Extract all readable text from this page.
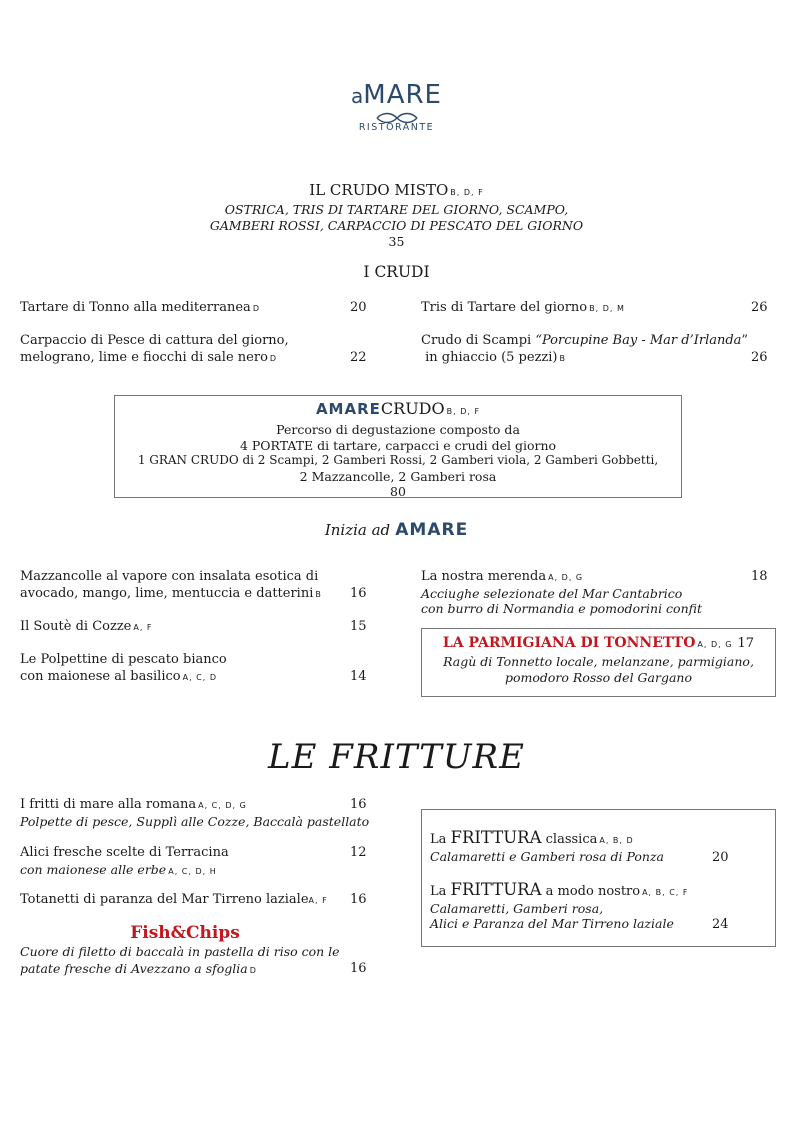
aMARE
RISTORANTE
IL CRUDO MISTO B, D, F
OSTRICA, TRIS DI TARTARE DEL GIORNO, SCAMPO,
GAMBERI ROSSI, CARPACCIO DI PESCATO DEL GIORNO
35
I CRUDI
Tartare di Tonno alla mediterranea D	20
Carpaccio di Pesce di cattura del giorno,
melograno, lime e fiocchi di sale nero D	22
Tris di Tartare del giorno B, D, M	26
Crudo di Scampi “Porcupine Bay - Mar d’Irlanda”
in ghiaccio (5 pezzi) B	26
AMARECRUDO B, D, F
Percorso di degustazione composto da
4 PORTATE di tartare, carpacci e crudi del giorno
1 GRAN CRUDO di 2 Scampi, 2 Gamberi Rossi, 2 Gamberi viola, 2 Gamberi Gobbetti,
2 Mazzancolle, 2 Gamberi rosa
80
Inizia ad AMARE
Mazzancolle al vapore con insalata esotica di
avocado, mango, lime, mentuccia e datterini B	16
Il Soutè di Cozze A, F	15
Le Polpettine di pescato bianco
con maionese al basilico A, C, D	14
La nostra merenda A, D, G	18
Acciughe selezionate del Mar Cantabrico
con burro di Normandia e pomodorini confit
LA PARMIGIANA DI TONNETTO A, D, G 17
Ragù di Tonnetto locale, melanzane, parmigiano,
pomodoro Rosso del Gargano
LE FRITTURE
I fritti di mare alla romana A, C, D, G	16
Polpette di pesce, Supplì alle Cozze, Baccalà pastellato
Alici fresche scelte di Terracina	12
con maionese alle erbe A, C, D, H
Totanetti di paranza del Mar Tirreno lazialeA, F 16
Fish&Chips
Cuore di filetto di baccalà in pastella di riso con le
patate fresche di Avezzano a sfoglia D	16
La FRITTURA classica A, B, D
Calamaretti e Gamberi rosa di Ponza	20
La FRITTURA a modo nostro A, B, C, F
Calamaretti, Gamberi rosa,
Alici e Paranza del Mar Tirreno laziale	24
